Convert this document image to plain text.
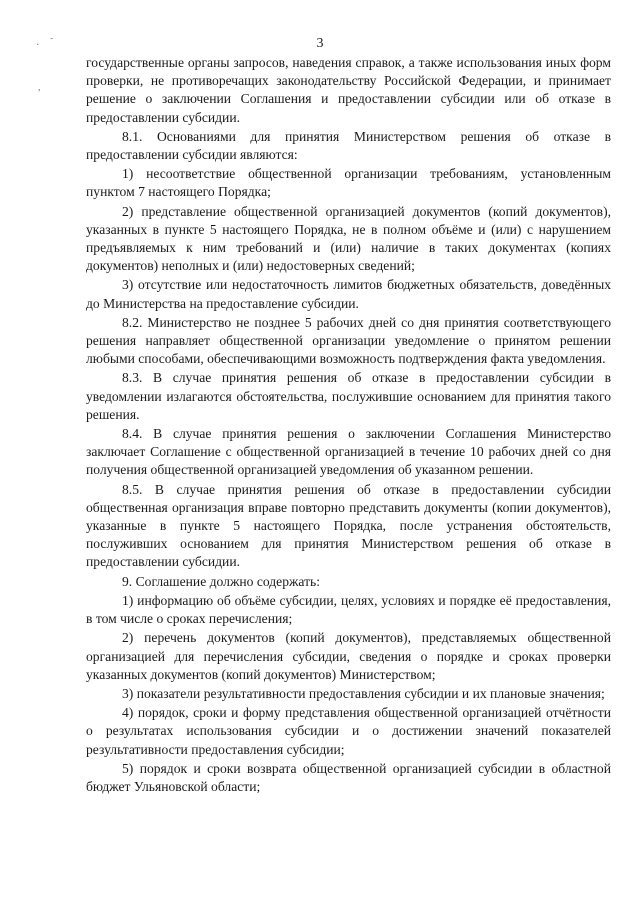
· ˜
,
3

государственные органы запросов, наведения справок, а также использования иных форм проверки, не противоречащих законодательству Российской Федерации, и принимает решение о заключении Соглашения и предоставлении субсидии или об отказе в предоставлении субсидии.

8.1. Основаниями для принятия Министерством решения об отказе в предоставлении субсидии являются:

1) несоответствие общественной организации требованиям, установленным пунктом 7 настоящего Порядка;

2) представление общественной организацией документов (копий документов), указанных в пункте 5 настоящего Порядка, не в полном объёме и (или) с нарушением предъявляемых к ним требований и (или) наличие в таких документах (копиях документов) неполных и (или) недостоверных сведений;

3) отсутствие или недостаточность лимитов бюджетных обязательств, доведённых до Министерства на предоставление субсидии.

8.2. Министерство не позднее 5 рабочих дней со дня принятия соответствующего решения направляет общественной организации уведомление о принятом решении любыми способами, обеспечивающими возможность подтверждения факта уведомления.

8.3. В случае принятия решения об отказе в предоставлении субсидии в уведомлении излагаются обстоятельства, послужившие основанием для принятия такого решения.

8.4. В случае принятия решения о заключении Соглашения Министерство заключает Соглашение с общественной организацией в течение 10 рабочих дней со дня получения общественной организацией уведомления об указанном решении.

8.5. В случае принятия решения об отказе в предоставлении субсидии общественная организация вправе повторно представить документы (копии документов), указанные в пункте 5 настоящего Порядка, после устранения обстоятельств, послуживших основанием для принятия Министерством решения об отказе в предоставлении субсидии.

9. Соглашение должно содержать:

1) информацию об объёме субсидии, целях, условиях и порядке её предоставления, в том числе о сроках перечисления;

2) перечень документов (копий документов), представляемых общественной организацией для перечисления субсидии, сведения о порядке и сроках проверки указанных документов (копий документов) Министерством;

3) показатели результативности предоставления субсидии и их плановые значения;

4) порядок, сроки и форму представления общественной организацией отчётности о результатах использования субсидии и о достижении значений показателей результативности предоставления субсидии;

5) порядок и сроки возврата общественной организацией субсидии в областной бюджет Ульяновской области;
